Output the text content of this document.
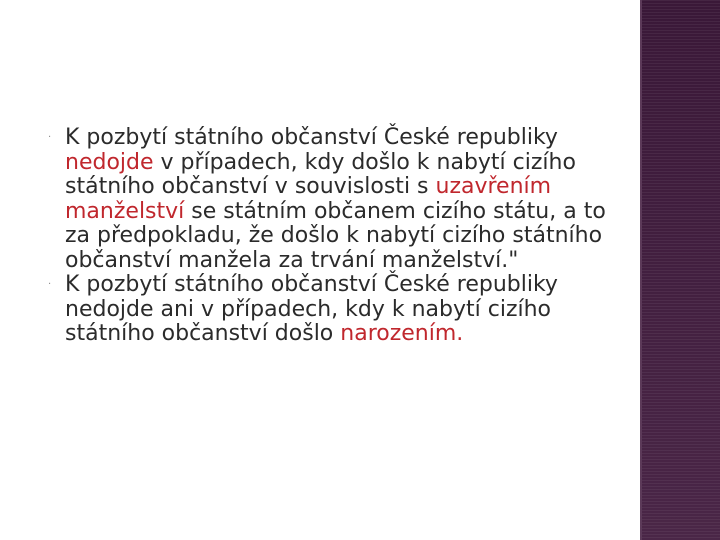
· K pozbytí státního občanství České republiky nedojde v případech, kdy došlo k nabytí cizího státního občanství v souvislosti s uzavřením manželství se státním občanem cizího státu, a to za předpokladu, že došlo k nabytí cizího státního občanství manžela za trvání manželství."
· K pozbytí státního občanství České republiky nedojde ani v případech, kdy k nabytí cizího státního občanství došlo narozením.
